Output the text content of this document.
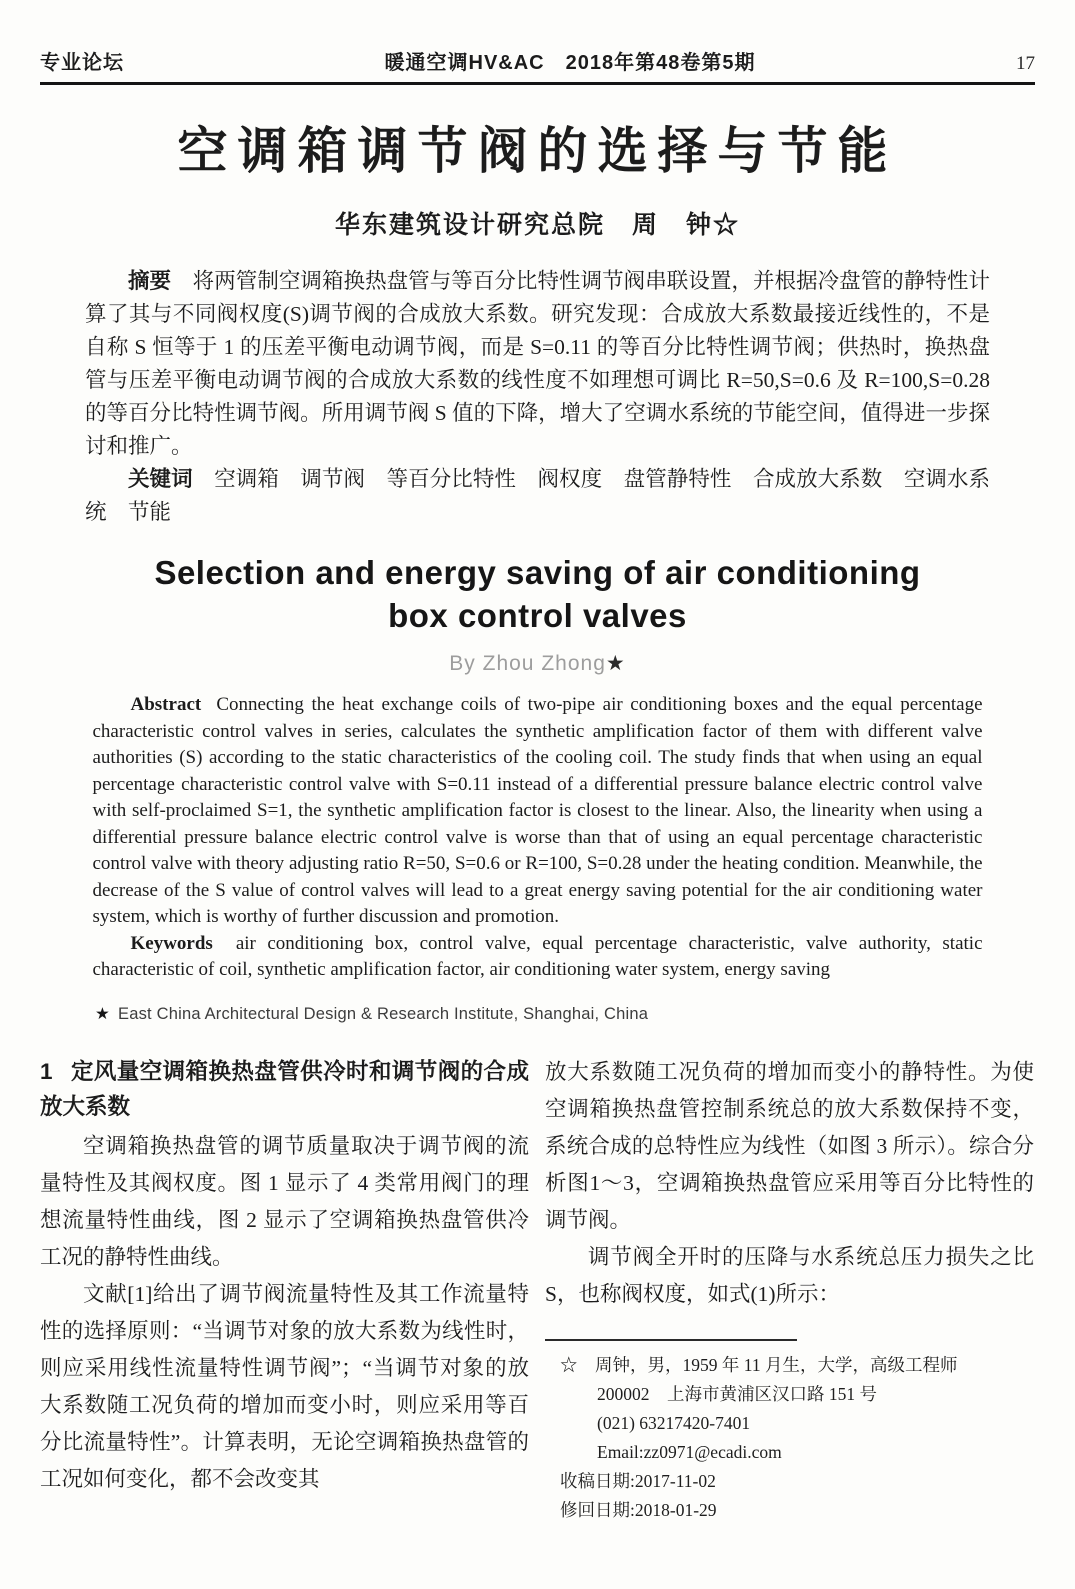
专业论坛	暖通空调HV&AC　2018年第48卷第5期	17
空调箱调节阀的选择与节能
华东建筑设计研究总院　周　钟☆

摘要　 将两管制空调箱换热盘管与等百分比特性调节阀串联设置，并根据冷盘管的静特性计算了其与不同阀权度(S)调节阀的合成放大系数。研究发现：合成放大系数最接近线性的，不是自称 S 恒等于 1 的压差平衡电动调节阀，而是 S=0.11 的等百分比特性调节阀；供热时，换热盘管与压差平衡电动调节阀的合成放大系数的线性度不如理想可调比 R=50,S=0.6 及 R=100,S=0.28 的等百分比特性调节阀。所用调节阀 S 值的下降，增大了空调水系统的节能空间，值得进一步探讨和推广。

关键词　 空调箱　调节阀　等百分比特性　阀权度　盘管静特性　合成放大系数　空调水系统　节能

Selection and energy saving of air conditioning
box control valves
By Zhou Zhong★

Abstract Connecting the heat exchange coils of two-pipe air conditioning boxes and the equal percentage characteristic control valves in series, calculates the synthetic amplification factor of them with different valve authorities (S) according to the static characteristics of the cooling coil. The study finds that when using an equal percentage characteristic control valve with S=0.11 instead of a differential pressure balance electric control valve with self-proclaimed S=1, the synthetic amplification factor is closest to the linear. Also, the linearity when using a differential pressure balance electric control valve is worse than that of using an equal percentage characteristic control valve with theory adjusting ratio R=50, S=0.6 or R=100, S=0.28 under the heating condition. Meanwhile, the decrease of the S value of control valves will lead to a great energy saving potential for the air conditioning water system, which is worthy of further discussion and promotion.

Keywords air conditioning box, control valve, equal percentage characteristic, valve authority, static characteristic of coil, synthetic amplification factor, air conditioning water system, energy saving

★ East China Architectural Design & Research Institute, Shanghai, China
1 定风量空调箱换热盘管供冷时和调节阀的合成放大系数

空调箱换热盘管的调节质量取决于调节阀的流量特性及其阀权度。图 1 显示了 4 类常用阀门的理想流量特性曲线，图 2 显示了空调箱换热盘管供冷工况的静特性曲线。

文献[1]给出了调节阀流量特性及其工作流量特性的选择原则：“当调节对象的放大系数为线性时，则应采用线性流量特性调节阀”；“当调节对象的放大系数随工况负荷的增加而变小时，则应采用等百分比流量特性”。计算表明，无论空调箱换热盘管的工况如何变化，都不会改变其

放大系数随工况负荷的增加而变小的静特性。为使空调箱换热盘管控制系统总的放大系数保持不变，系统合成的总特性应为线性（如图 3 所示）。综合分析图1～3，空调箱换热盘管应采用等百分比特性的调节阀。

调节阀全开时的压降与水系统总压力损失之比 S，也称阀权度，如式(1)所示：

☆　周钟，男，1959 年 11 月生，大学，高级工程师
200002　上海市黄浦区汉口路 151 号
(021) 63217420-7401
Email:zz0971@ecadi.com
收稿日期:2017-11-02
修回日期:2018-01-29
